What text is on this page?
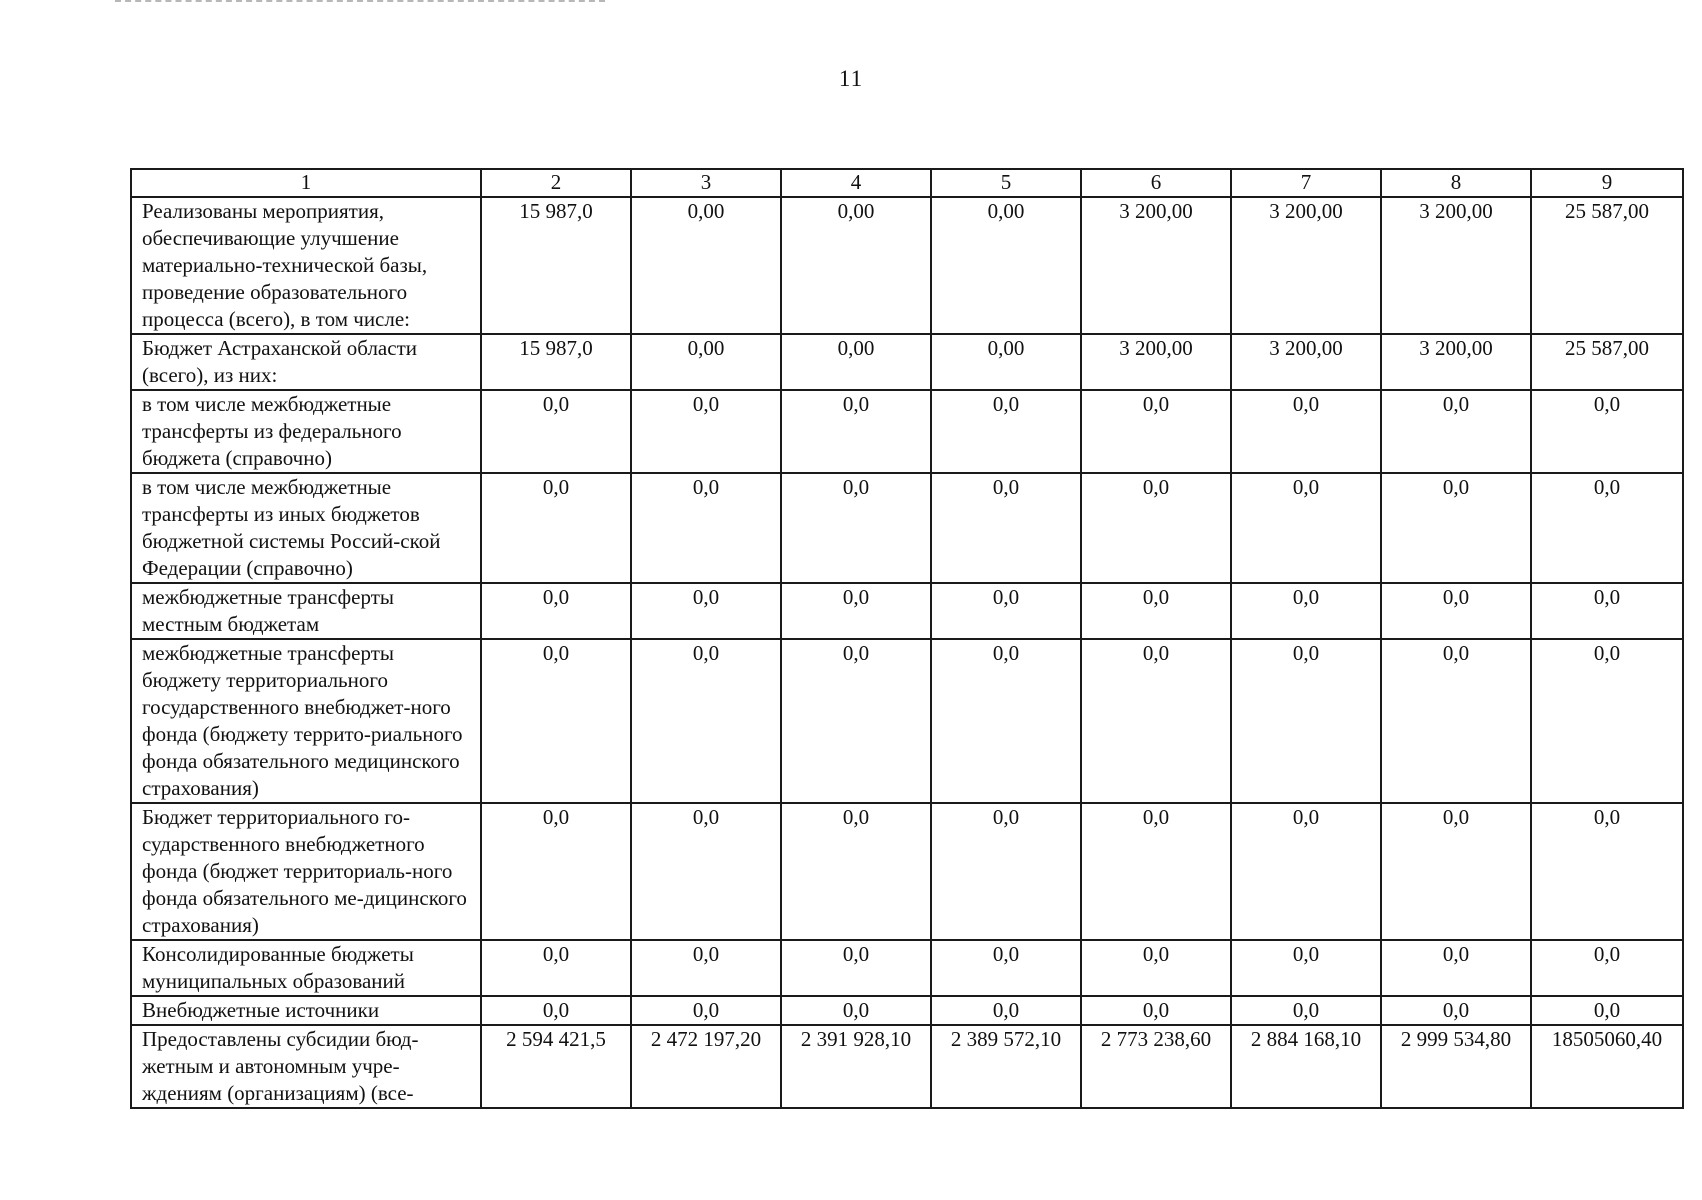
11
1	2	3	4	5	6	7	8	9
Реализованы мероприятия, обеспечивающие улучшение материально-технической базы, проведение образовательного процесса (всего), в том числе:	15 987,0	0,00	0,00	0,00	3 200,00	3 200,00	3 200,00	25 587,00
Бюджет Астраханской области (всего), из них:	15 987,0	0,00	0,00	0,00	3 200,00	3 200,00	3 200,00	25 587,00
в том числе межбюджетные трансферты из федерального бюджета (справочно)	0,0	0,0	0,0	0,0	0,0	0,0	0,0	0,0
в том числе межбюджетные трансферты из иных бюджетов бюджетной системы Россий-ской Федерации (справочно)	0,0	0,0	0,0	0,0	0,0	0,0	0,0	0,0
межбюджетные трансферты местным бюджетам	0,0	0,0	0,0	0,0	0,0	0,0	0,0	0,0
межбюджетные трансферты бюджету территориального государственного внебюджет-ного фонда (бюджету террито-риального фонда обязательного медицинского страхования)	0,0	0,0	0,0	0,0	0,0	0,0	0,0	0,0
Бюджет территориального го-сударственного внебюджетного фонда (бюджет территориаль-ного фонда обязательного ме-дицинского страхования)	0,0	0,0	0,0	0,0	0,0	0,0	0,0	0,0
Консолидированные бюджеты муниципальных образований	0,0	0,0	0,0	0,0	0,0	0,0	0,0	0,0
Внебюджетные источники	0,0	0,0	0,0	0,0	0,0	0,0	0,0	0,0
Предоставлены субсидии бюд-жетным и автономным учре-ждениям (организациям) (все-	2 594 421,5	2 472 197,20	2 391 928,10	2 389 572,10	2 773 238,60	2 884 168,10	2 999 534,80	18505060,40
